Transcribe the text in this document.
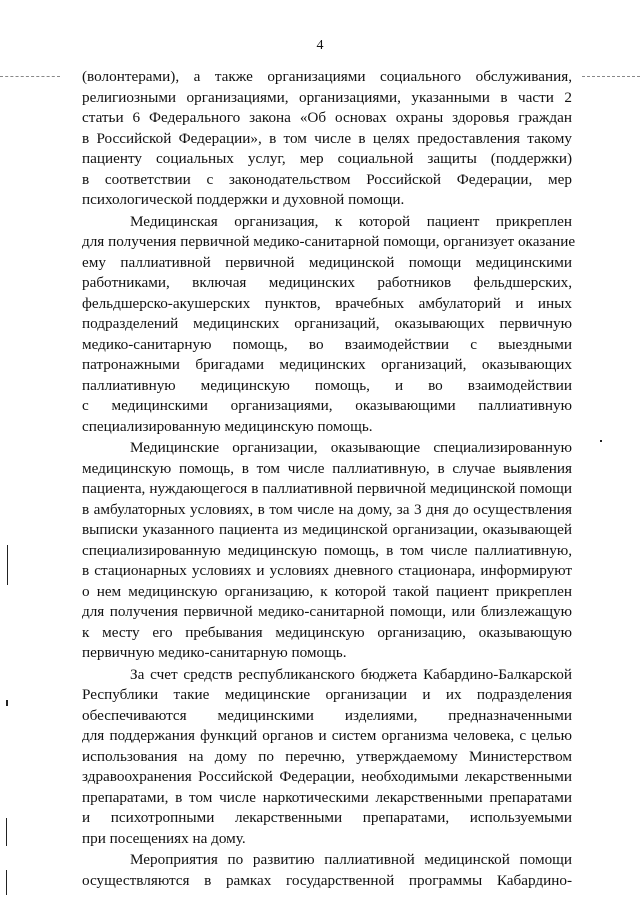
4

(волонтерами), а также организациями социального обслуживания,
религиозными организациями, организациями, указанными в части 2
статьи 6 Федерального закона «Об основах охраны здоровья граждан
в Российской Федерации», в том числе в целях предоставления такому
пациенту социальных услуг, мер социальной защиты (поддержки)
в соответствии с законодательством Российской Федерации, мер
психологической поддержки и духовной помощи.

Медицинская организация, к которой пациент прикреплен
для получения первичной медико-санитарной помощи, организует оказание
ему паллиативной первичной медицинской помощи медицинскими
работниками, включая медицинских работников фельдшерских,
фельдшерско-акушерских пунктов, врачебных амбулаторий и иных
подразделений медицинских организаций, оказывающих первичную
медико-санитарную помощь, во взаимодействии с выездными
патронажными бригадами медицинских организаций, оказывающих
паллиативную медицинскую помощь, и во взаимодействии
с медицинскими организациями, оказывающими паллиативную
специализированную медицинскую помощь.

Медицинские организации, оказывающие специализированную
медицинскую помощь, в том числе паллиативную, в случае выявления
пациента, нуждающегося в паллиативной первичной медицинской помощи
в амбулаторных условиях, в том числе на дому, за 3 дня до осуществления
выписки указанного пациента из медицинской организации, оказывающей
специализированную медицинскую помощь, в том числе паллиативную,
в стационарных условиях и условиях дневного стационара, информируют
о нем медицинскую организацию, к которой такой пациент прикреплен
для получения первичной медико-санитарной помощи, или близлежащую
к месту его пребывания медицинскую организацию, оказывающую
первичную медико-санитарную помощь.

За счет средств республиканского бюджета Кабардино-Балкарской
Республики такие медицинские организации и их подразделения
обеспечиваются медицинскими изделиями, предназначенными
для поддержания функций органов и систем организма человека, с целью
использования на дому по перечню, утверждаемому Министерством
здравоохранения Российской Федерации, необходимыми лекарственными
препаратами, в том числе наркотическими лекарственными препаратами
и психотропными лекарственными препаратами, используемыми
при посещениях на дому.

Мероприятия по развитию паллиативной медицинской помощи
осуществляются в рамках государственной программы Кабардино-
